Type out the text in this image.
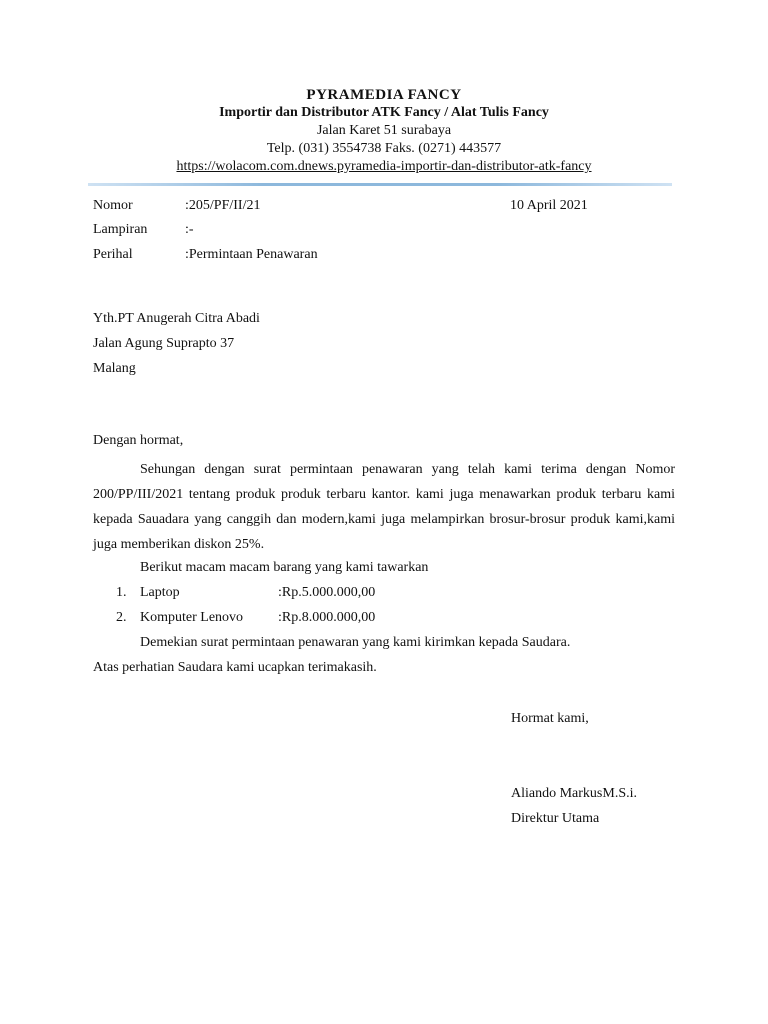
PYRAMEDIA FANCY
Importir dan Distributor ATK Fancy / Alat Tulis Fancy
Jalan Karet 51 surabaya
Telp. (031) 3554738 Faks. (0271) 443577
https://wolacom.com.dnews.pyramedia-importir-dan-distributor-atk-fancy
Nomor	:205/PF/II/21	10 April 2021
Lampiran	:-
Perihal	:Permintaan Penawaran
Yth.PT Anugerah Citra Abadi
Jalan Agung Suprapto 37
Malang
Dengan hormat,
Sehungan dengan surat permintaan penawaran yang telah kami terima dengan Nomor 200/PP/III/2021 tentang produk produk terbaru kantor. kami juga menawarkan produk terbaru kami kepada Sauadara yang canggih dan modern,kami juga melampirkan brosur-brosur produk kami,kami juga memberikan diskon 25%.
Berikut macam macam barang yang kami tawarkan
1. Laptop	:Rp.5.000.000,00
2. Komputer Lenovo :Rp.8.000.000,00
Demekian surat permintaan penawaran yang kami kirimkan kepada Saudara.
Atas perhatian Saudara kami ucapkan terimakasih.
Hormat kami,
Aliando MarkusM.S.i.
Direktur Utama
